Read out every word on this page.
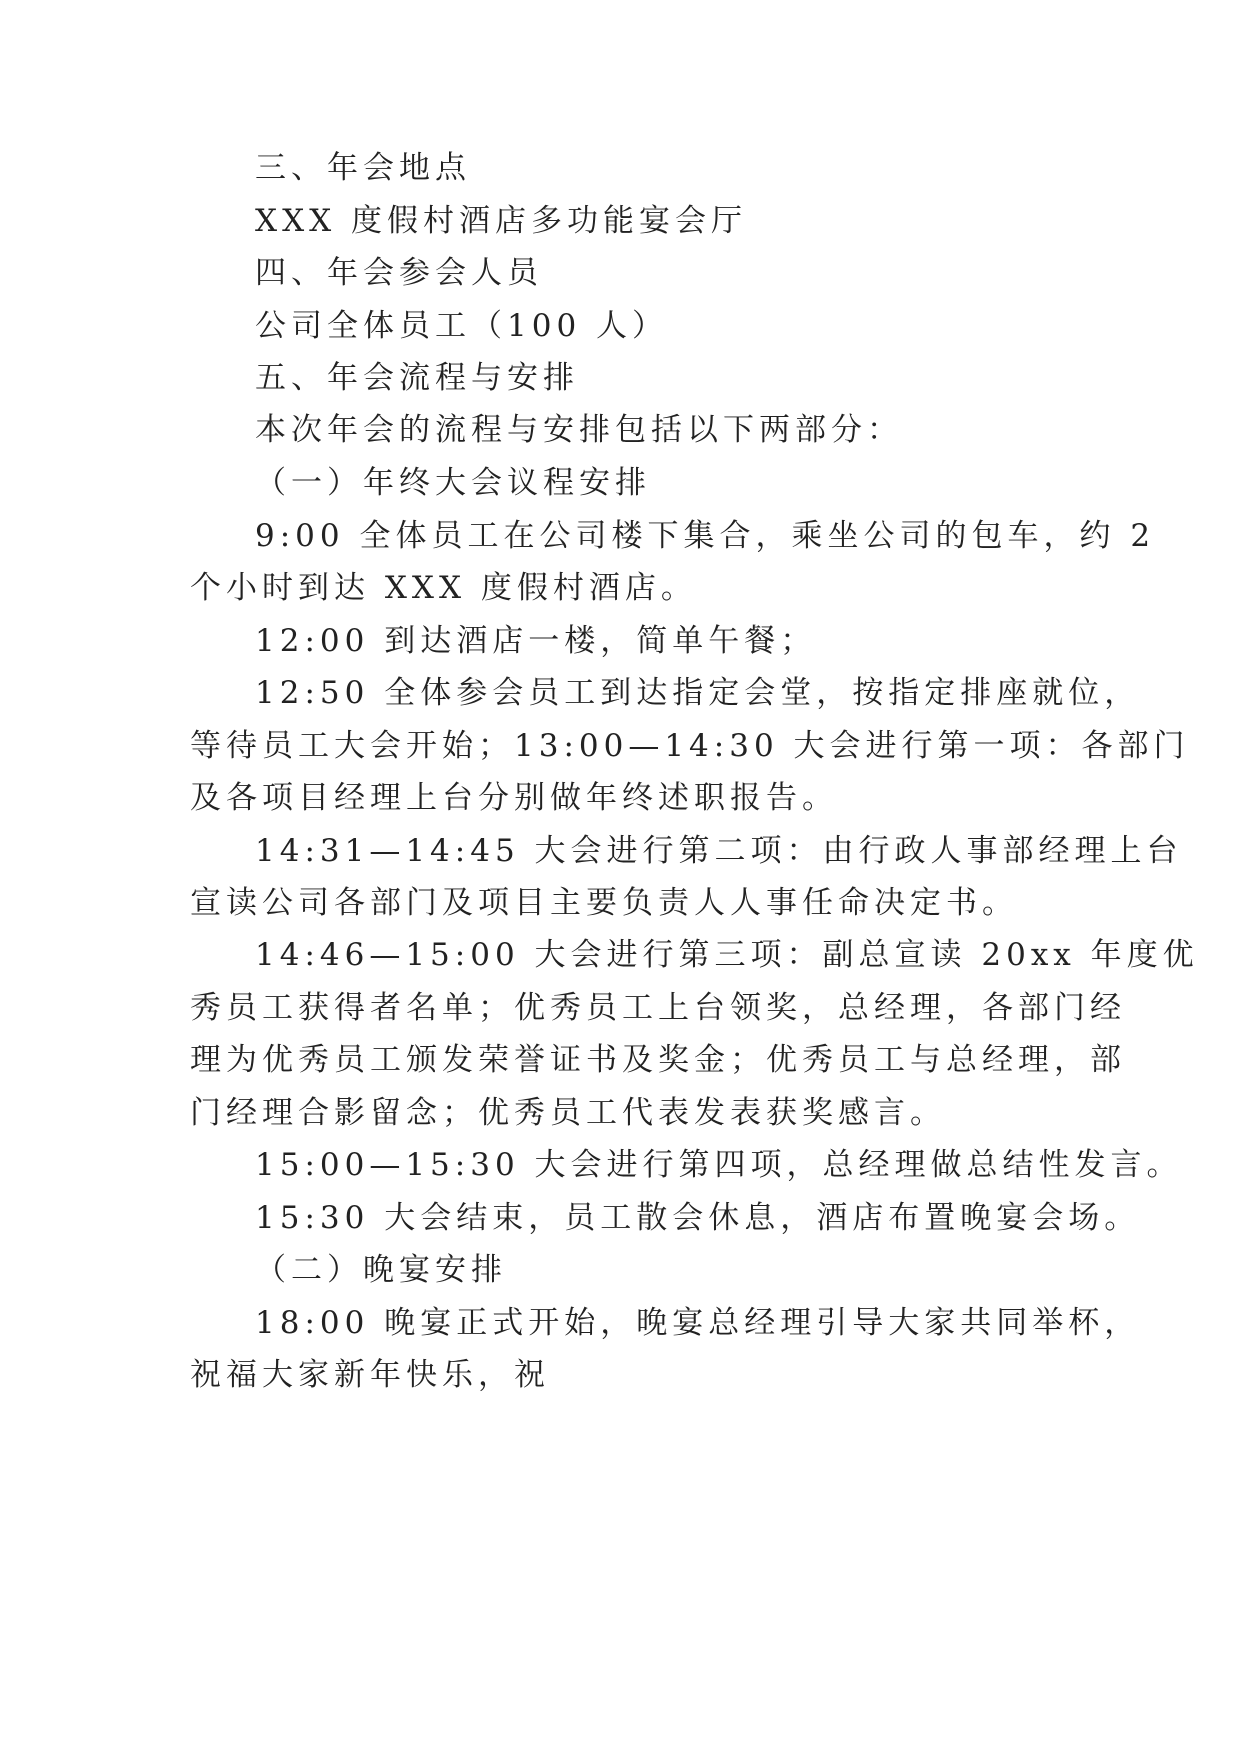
三、年会地点
XXX 度假村酒店多功能宴会厅
四、年会参会人员
公司全体员工（100 人）
五、年会流程与安排
本次年会的流程与安排包括以下两部分：
（一）年终大会议程安排
9:00 全体员工在公司楼下集合，乘坐公司的包车，约 2
个小时到达 XXX 度假村酒店。
12:00 到达酒店一楼，简单午餐；
12:50 全体参会员工到达指定会堂，按指定排座就位，
等待员工大会开始；13:00—14:30 大会进行第一项：各部门
及各项目经理上台分别做年终述职报告。
14:31—14:45 大会进行第二项：由行政人事部经理上台
宣读公司各部门及项目主要负责人人事任命决定书。
14:46—15:00 大会进行第三项：副总宣读 20xx 年度优
秀员工获得者名单；优秀员工上台领奖，总经理，各部门经
理为优秀员工颁发荣誉证书及奖金；优秀员工与总经理，部
门经理合影留念；优秀员工代表发表获奖感言。
15:00—15:30 大会进行第四项，总经理做总结性发言。
15:30 大会结束，员工散会休息，酒店布置晚宴会场。
（二）晚宴安排
18:00 晚宴正式开始，晚宴总经理引导大家共同举杯，
祝福大家新年快乐，祝
